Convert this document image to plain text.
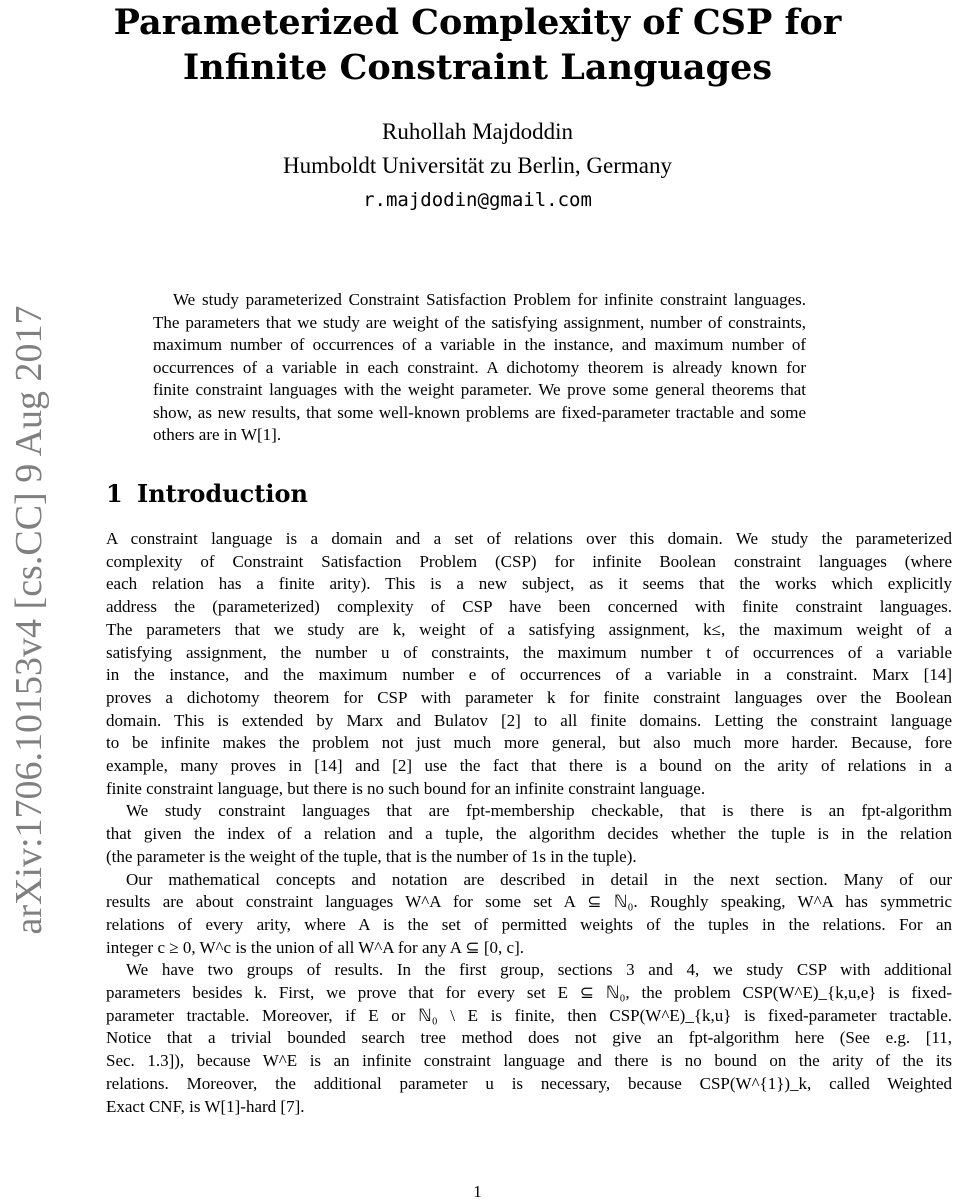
Parameterized Complexity of CSP for
Infinite Constraint Languages
Ruhollah Majdoddin
Humboldt Universität zu Berlin, Germany
r.majdodin@gmail.com
arXiv:1706.10153v4 [cs.CC] 9 Aug 2017
We study parameterized Constraint Satisfaction Problem for infinite constraint languages.
The parameters that we study are weight of the satisfying assignment, number of constraints,
maximum number of occurrences of a variable in the instance, and maximum number of
occurrences of a variable in each constraint. A dichotomy theorem is already known for
finite constraint languages with the weight parameter. We prove some general theorems that
show, as new results, that some well-known problems are fixed-parameter tractable and some
others are in W[1].
1 Introduction
A constraint language is a domain and a set of relations over this domain. We study the parameterized
complexity of Constraint Satisfaction Problem (CSP) for infinite Boolean constraint languages (where
each relation has a finite arity). This is a new subject, as it seems that the works which explicitly
address the (parameterized) complexity of CSP have been concerned with finite constraint languages.
The parameters that we study are k, weight of a satisfying assignment, k≤, the maximum weight of a
satisfying assignment, the number u of constraints, the maximum number t of occurrences of a variable
in the instance, and the maximum number e of occurrences of a variable in a constraint. Marx [14]
proves a dichotomy theorem for CSP with parameter k for finite constraint languages over the Boolean
domain. This is extended by Marx and Bulatov [2] to all finite domains. Letting the constraint language
to be infinite makes the problem not just much more general, but also much more harder. Because, fore
example, many proves in [14] and [2] use the fact that there is a bound on the arity of relations in a
finite constraint language, but there is no such bound for an infinite constraint language.
We study constraint languages that are fpt-membership checkable, that is there is an fpt-algorithm
that given the index of a relation and a tuple, the algorithm decides whether the tuple is in the relation
(the parameter is the weight of the tuple, that is the number of 1s in the tuple).
Our mathematical concepts and notation are described in detail in the next section. Many of our
results are about constraint languages W^A for some set A ⊆ ℕ₀. Roughly speaking, W^A has symmetric
relations of every arity, where A is the set of permitted weights of the tuples in the relations. For an
integer c ≥ 0, W^c is the union of all W^A for any A ⊆ [0, c].
We have two groups of results. In the first group, sections 3 and 4, we study CSP with additional
parameters besides k. First, we prove that for every set E ⊆ ℕ₀, the problem CSP(W^E)_{k,u,e} is fixed-
parameter tractable. Moreover, if E or ℕ₀ \ E is finite, then CSP(W^E)_{k,u} is fixed-parameter tractable.
Notice that a trivial bounded search tree method does not give an fpt-algorithm here (See e.g. [11,
Sec. 1.3]), because W^E is an infinite constraint language and there is no bound on the arity of the its
relations. Moreover, the additional parameter u is necessary, because CSP(W^{1})_k, called Weighted
Exact CNF, is W[1]-hard [7].
1
